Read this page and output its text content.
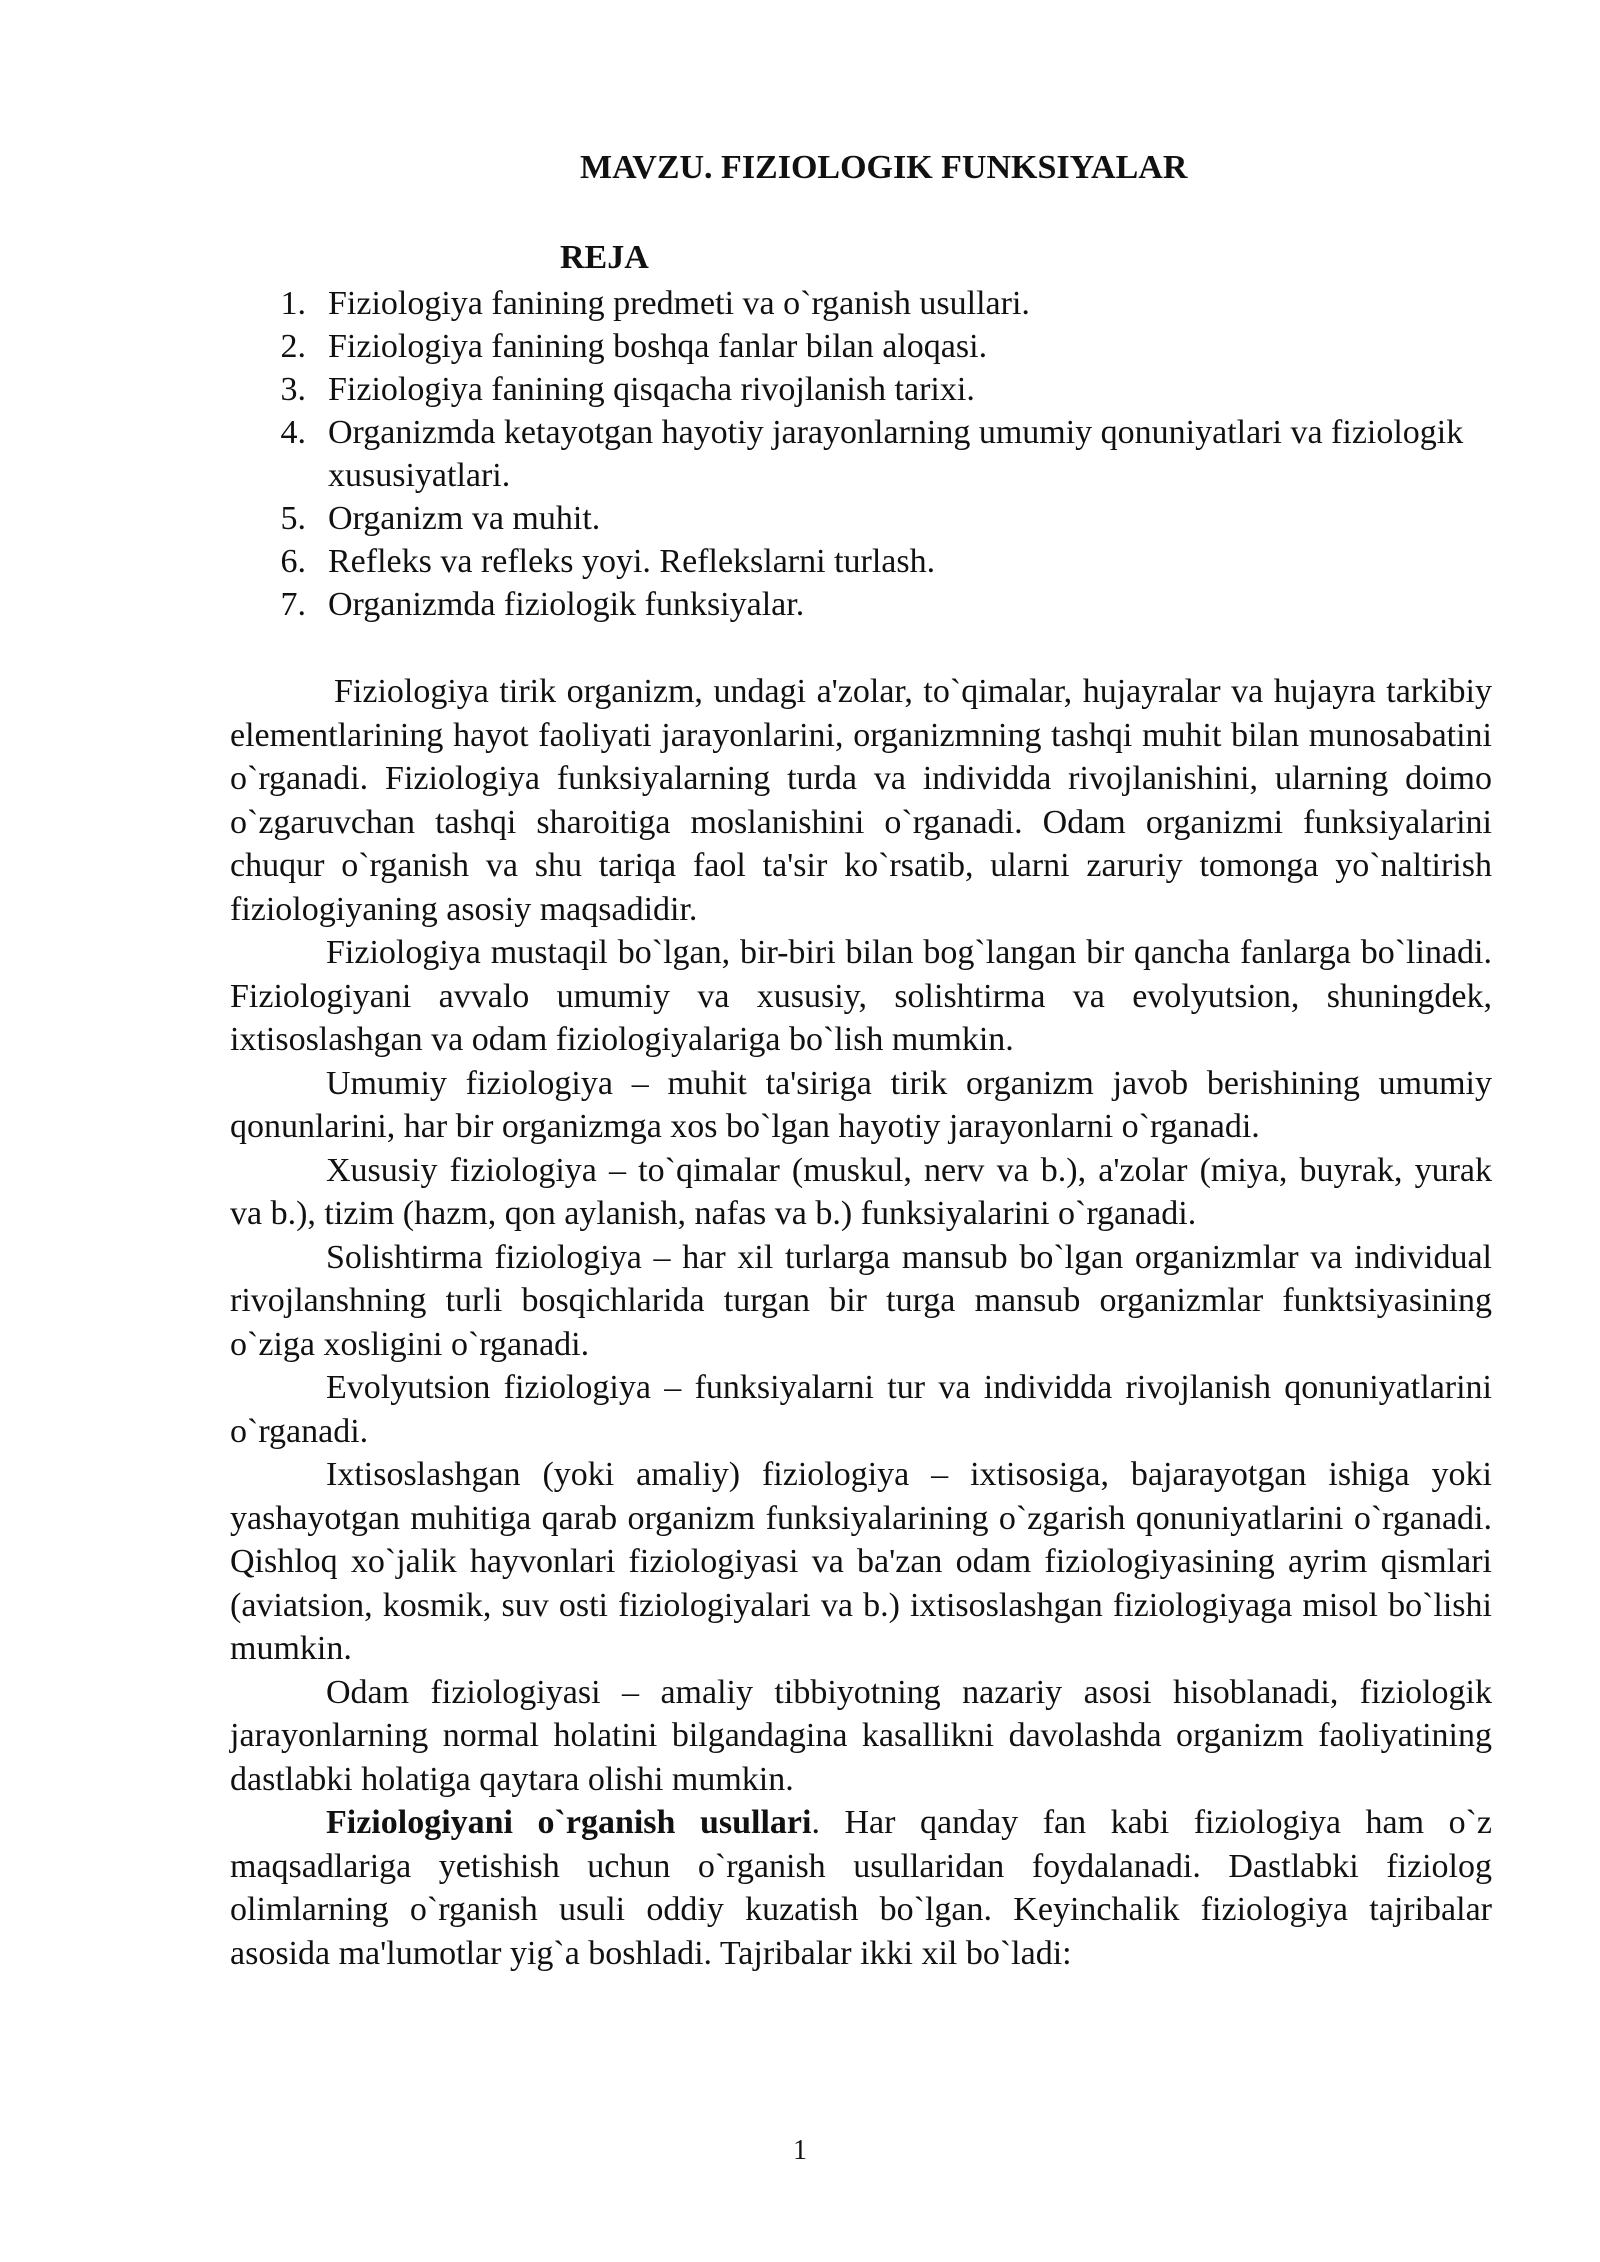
MAVZU. FIZIOLOGIK FUNKSIYALAR
REJA
1. Fiziologiya fanining predmeti va o`rganish usullari.
2. Fiziologiya fanining boshqa fanlar bilan aloqasi.
3. Fiziologiya fanining qisqacha rivojlanish tarixi.
4. Organizmda ketayotgan hayotiy jarayonlarning umumiy qonuniyatlari va fiziologik xususiyatlari.
5. Organizm va muhit.
6. Refleks va refleks yoyi. Reflekslarni turlash.
7. Organizmda fiziologik funksiyalar.

Fiziologiya tirik organizm, undagi a'zolar, to`qimalar, hujayralar va hujayra tarkibiy elementlarining hayot faoliyati jarayonlarini, organizmning tashqi muhit bilan munosabatini o`rganadi. Fiziologiya funksiyalarning turda va individda rivojlanishini, ularning doimo o`zgaruvchan tashqi sharoitiga moslanishini o`rganadi. Odam organizmi funksiyalarini chuqur o`rganish va shu tariqa faol ta'sir ko`rsatib, ularni zaruriy tomonga yo`naltirish fiziologiyaning asosiy maqsadidir.

Fiziologiya mustaqil bo`lgan, bir-biri bilan bog`langan bir qancha fanlarga bo`linadi. Fiziologiyani avvalo umumiy va xususiy, solishtirma va evolyutsion, shuningdek, ixtisoslashgan va odam fiziologiyalariga bo`lish mumkin.

Umumiy fiziologiya – muhit ta'siriga tirik organizm javob berishining umumiy qonunlarini, har bir organizmga xos bo`lgan hayotiy jarayonlarni o`rganadi.

Xususiy fiziologiya – to`qimalar (muskul, nerv va b.), a'zolar (miya, buyrak, yurak va b.), tizim (hazm, qon aylanish, nafas va b.) funksiyalarini o`rganadi.

Solishtirma fiziologiya – har xil turlarga mansub bo`lgan organizmlar va individual rivojlanshning turli bosqichlarida turgan bir turga mansub organizmlar funktsiyasining o`ziga xosligini o`rganadi.

Evolyutsion fiziologiya – funksiyalarni tur va individda rivojlanish qonuniyatlarini o`rganadi.

Ixtisoslashgan (yoki amaliy) fiziologiya – ixtisosiga, bajarayotgan ishiga yoki yashayotgan muhitiga qarab organizm funksiyalarining o`zgarish qonuniyatlarini o`rganadi. Qishloq xo`jalik hayvonlari fiziologiyasi va ba'zan odam fiziologiyasining ayrim qismlari (aviatsion, kosmik, suv osti fiziologiyalari va b.) ixtisoslashgan fiziologiyaga misol bo`lishi mumkin.

Odam fiziologiyasi – amaliy tibbiyotning nazariy asosi hisoblanadi, fiziologik jarayonlarning normal holatini bilgandagina kasallikni davolashda organizm faoliyatining dastlabki holatiga qaytara olishi mumkin.

Fiziologiyani o`rganish usullari. Har qanday fan kabi fiziologiya ham o`z maqsadlariga yetishish uchun o`rganish usullaridan foydalanadi. Dastlabki fiziolog olimlarning o`rganish usuli oddiy kuzatish bo`lgan. Keyinchalik fiziologiya tajribalar asosida ma'lumotlar yig`a boshladi. Tajribalar ikki xil bo`ladi:

1
